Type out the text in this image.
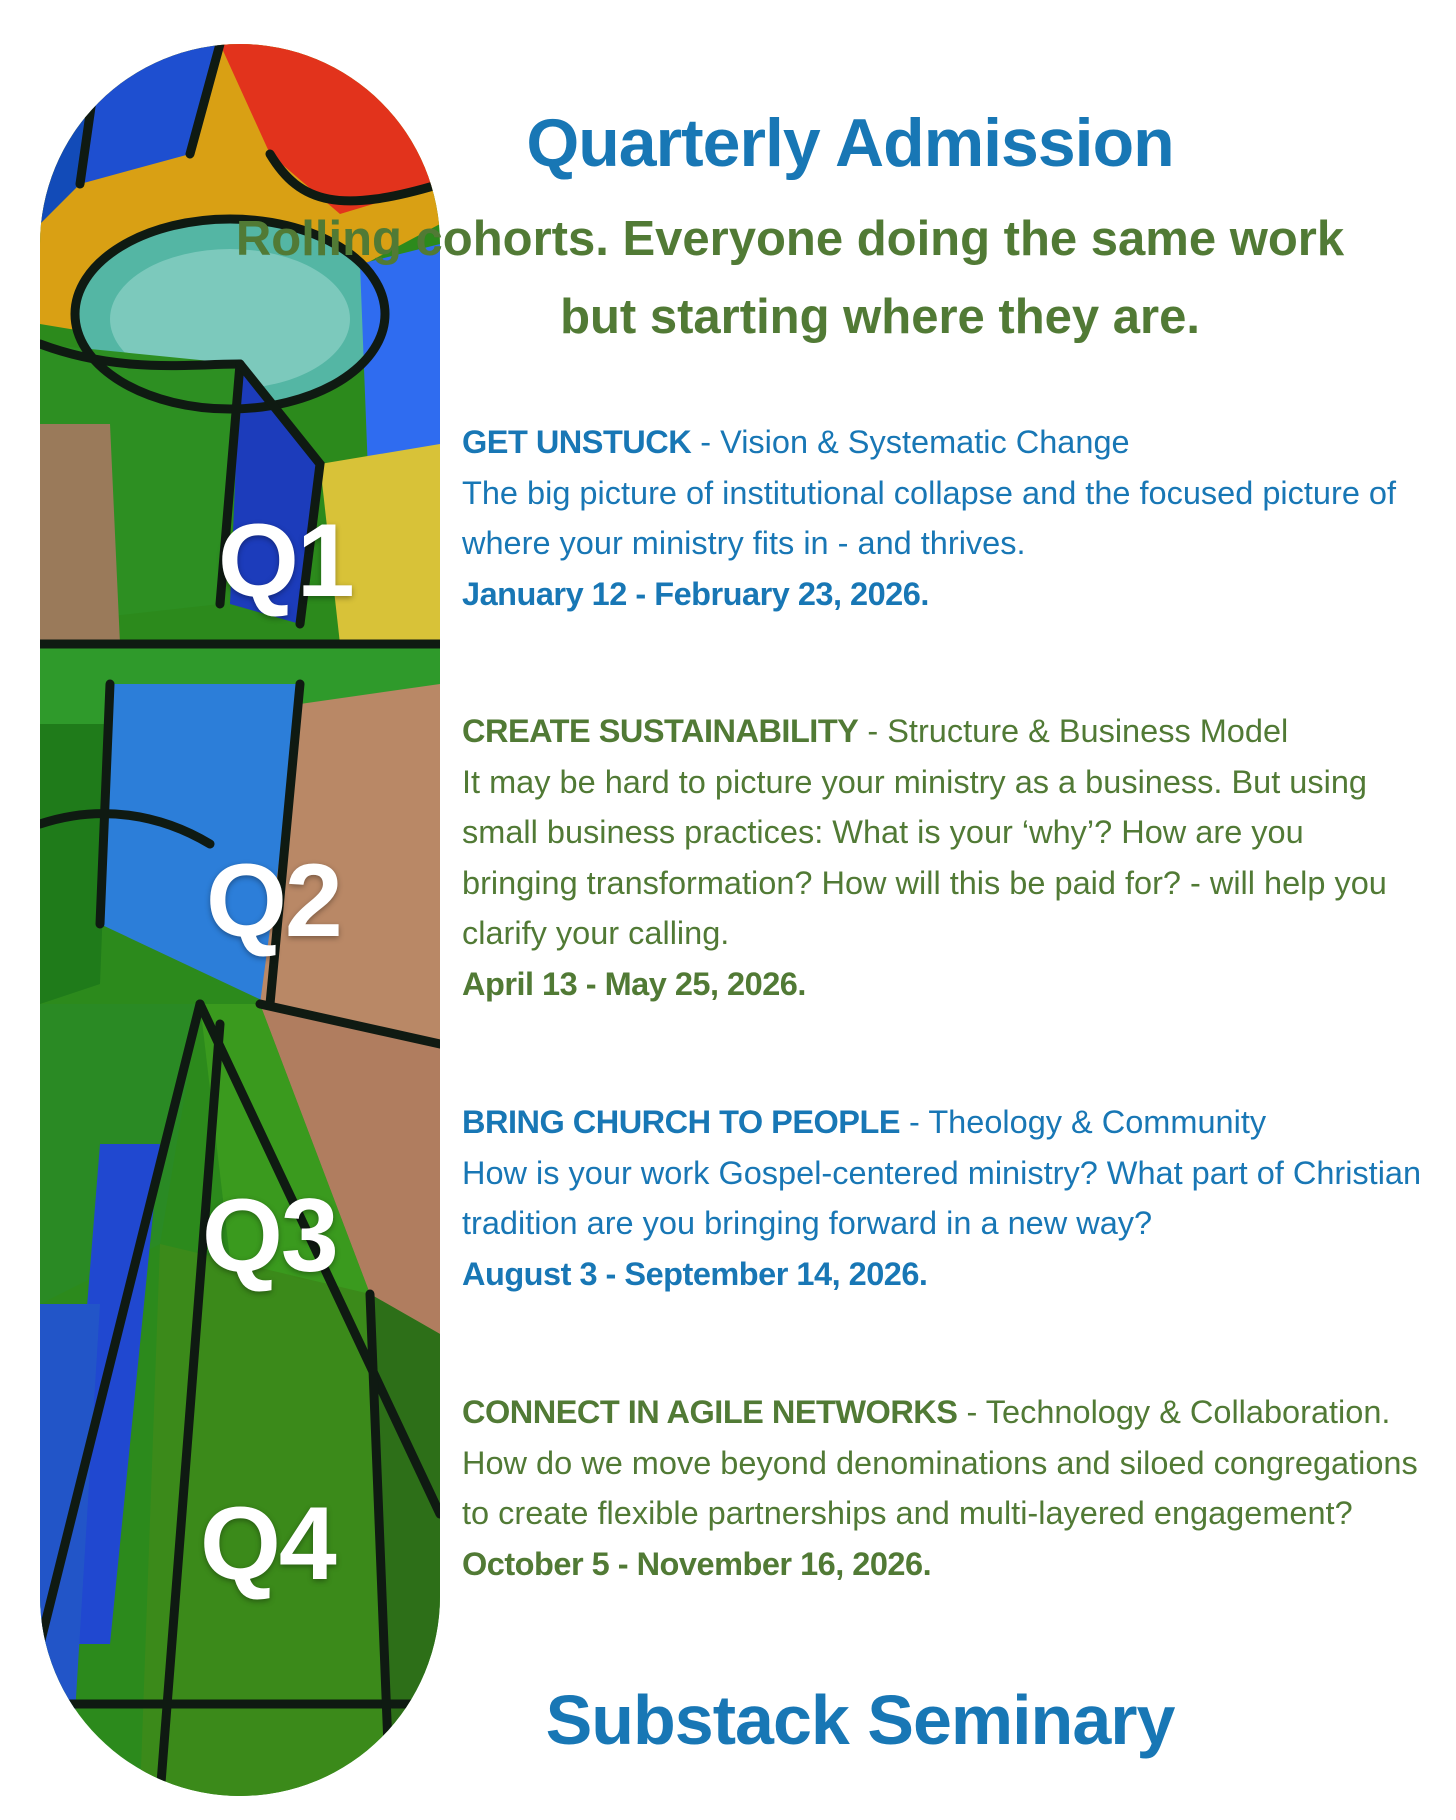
Q1
Q2
Q3
Q4
Quarterly Admission

Rolling cohorts. Everyone doing the same work
but starting where they are.

GET UNSTUCK - Vision & Systematic Change

The big picture of institutional collapse and the focused picture of where your ministry fits in - and thrives.

January 12 - February 23, 2026.

CREATE SUSTAINABILITY - Structure & Business Model

It may be hard to picture your ministry as a business. But using small business practices: What is your ‘why’? How are you bringing transformation? How will this be paid for? - will help you clarify your calling.

April 13 - May 25, 2026.

BRING CHURCH TO PEOPLE - Theology & Community

How is your work Gospel-centered ministry? What part of Christian tradition are you bringing forward in a new way?

August 3 - September 14, 2026.

CONNECT IN AGILE NETWORKS - Technology & Collaboration. How do we move beyond denominations and siloed congregations to create flexible partnerships and multi-layered engagement?

October 5 - November 16, 2026.

Substack Seminary
